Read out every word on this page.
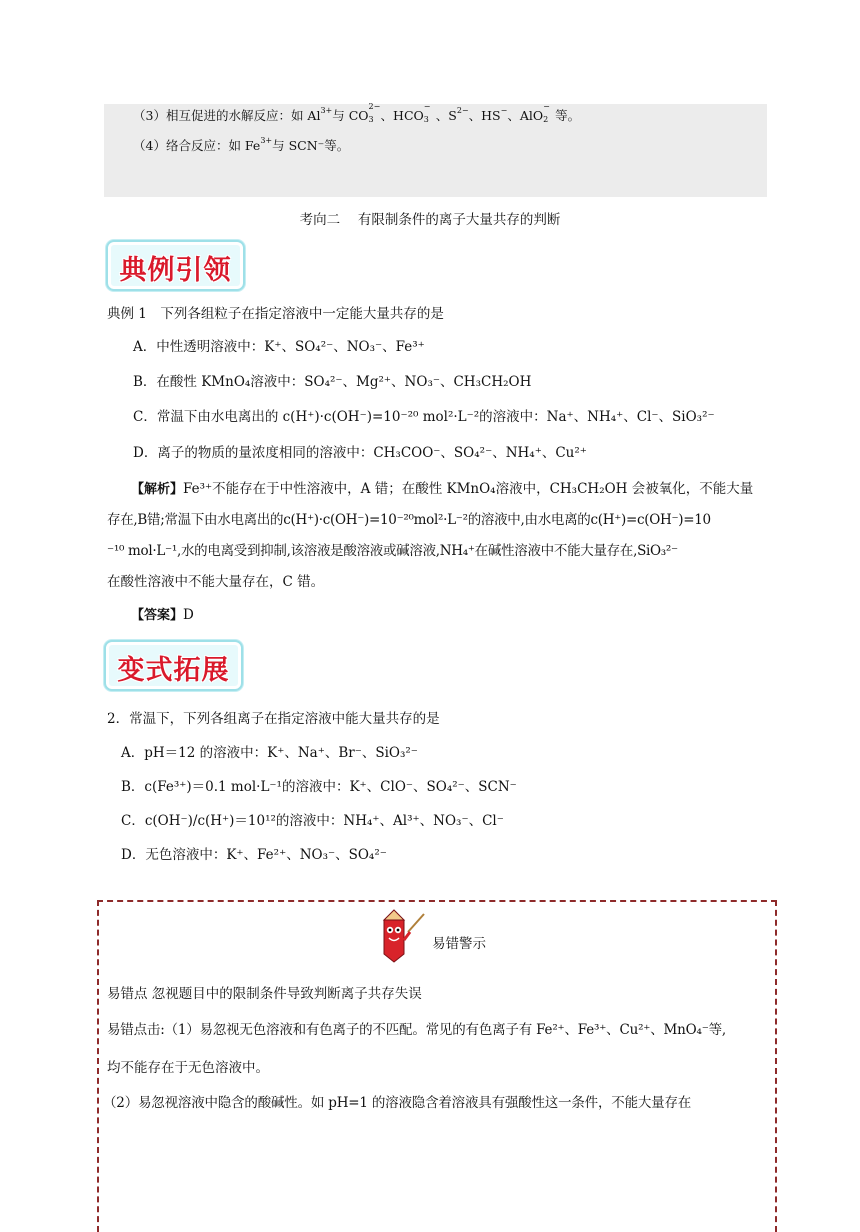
（3）相互促进的水解反应：如 $Al^{3+}$与 CO
2−
3 、HCO
−
3 、$S^{2-}$、HS−、AlO
−
2 等。
（4）络合反应：如 $Fe^{3+}$与 SCN⁻等。
考向二　 有限制条件的离子大量共存的判断
典例引领
典例 1　下列各组粒子在指定溶液中一定能大量共存的是
A．中性透明溶液中：K⁺、SO₄²⁻、NO₃⁻、Fe³⁺
B．在酸性 KMnO₄溶液中：SO₄²⁻、Mg²⁺、NO₃⁻、CH₃CH₂OH
C．常温下由水电离出的 c(H⁺)·c(OH⁻)=10⁻²⁰ mol²·L⁻²的溶液中：Na⁺、NH₄⁺、Cl⁻、SiO₃²⁻
D．离子的物质的量浓度相同的溶液中：CH₃COO⁻、SO₄²⁻、NH₄⁺、Cu²⁺
【解析】Fe³⁺不能存在于中性溶液中，A 错；在酸性 KMnO₄溶液中，CH₃CH₂OH 会被氧化，不能大量
存在,B错;常温下由水电离出的c(H⁺)·c(OH⁻)=10⁻²⁰mol²·L⁻²的溶液中,由水电离的c(H⁺)=c(OH⁻)=10
⁻¹⁰ mol·L⁻¹,水的电离受到抑制,该溶液是酸溶液或碱溶液,NH₄⁺在碱性溶液中不能大量存在,SiO₃²⁻
在酸性溶液中不能大量存在，C 错。
【答案】D
变式拓展
2．常温下，下列各组离子在指定溶液中能大量共存的是
A．pH＝12 的溶液中：K⁺、Na⁺、Br⁻、SiO₃²⁻
B．c(Fe³⁺)＝0.1 mol·L⁻¹的溶液中：K⁺、ClO⁻、SO₄²⁻、SCN⁻
C．c(OH⁻)/c(H⁺)＝10¹²的溶液中：NH₄⁺、Al³⁺、NO₃⁻、Cl⁻
D．无色溶液中：K⁺、Fe²⁺、NO₃⁻、SO₄²⁻
易错警示
易错点 忽视题目中的限制条件导致判断离子共存失误
易错点击:（1）易忽视无色溶液和有色离子的不匹配。常见的有色离子有 Fe²⁺、Fe³⁺、Cu²⁺、MnO₄⁻等,
均不能存在于无色溶液中。
（2）易忽视溶液中隐含的酸碱性。如 pH=1 的溶液隐含着溶液具有强酸性这一条件，不能大量存在
